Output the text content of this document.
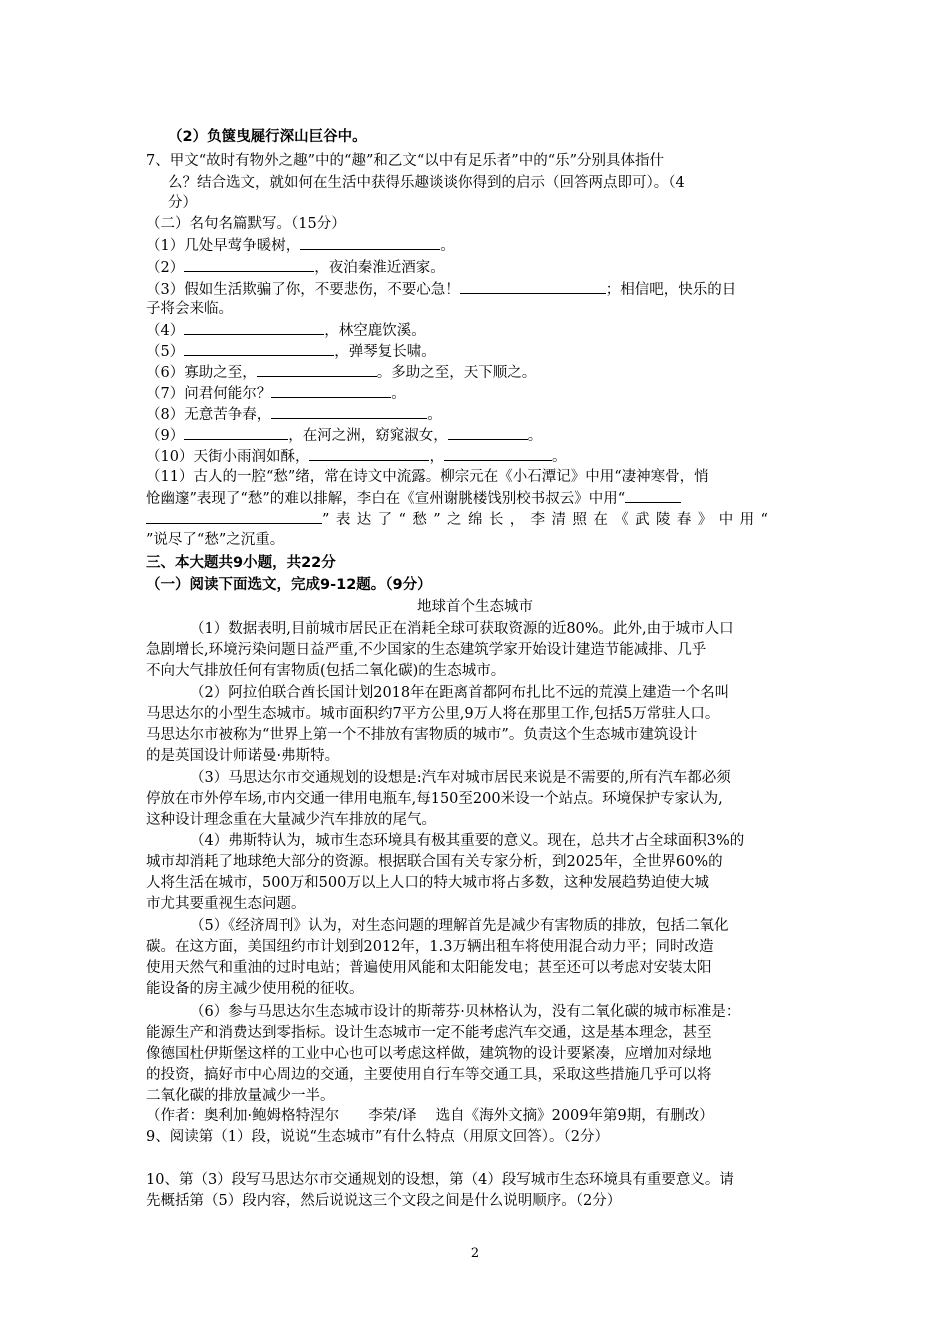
（2）负箧曳屣行深山巨谷中。
7、甲文“故时有物外之趣”中的“趣”和乙文“以中有足乐者”中的“乐”分别具体指什
么？结合选文，就如何在生活中获得乐趣谈谈你得到的启示（回答两点即可）。（4
分）
（二）名句名篇默写。（15分）
（1）几处早莺争暖树，	。
（2）	，夜泊秦淮近酒家。
（3）假如生活欺骗了你，不要悲伤，不要心急！	；相信吧，快乐的日
子将会来临。
（4）	，林空鹿饮溪。
（5）	，弹琴复长啸。
（6）寡助之至，	。多助之至，天下顺之。
（7）问君何能尔？	。
（8）无意苦争春，	。
（9）	，在河之洲，窈窕淑女，	。
（10）天街小雨润如酥，	，	。
（11）古人的一腔“愁”绪，常在诗文中流露。柳宗元在《小石潭记》中用“凄神寒骨，悄
怆幽邃”表现了“愁”的难以排解，李白在《宣州谢朓楼饯别校书叔云》中用“
”表达了“愁”之绵长，李清照在《武陵春》中用“
”说尽了“愁”之沉重。
三、本大题共9小题，共22分
（一）阅读下面选文，完成9-12题。（9分）
地球首个生态城市
（1）数据表明,目前城市居民正在消耗全球可获取资源的近80%。此外,由于城市人口
急剧增长,环境污染问题日益严重,不少国家的生态建筑学家开始设计建造节能减排、几乎
不向大气排放任何有害物质(包括二氧化碳)的生态城市。
（2）阿拉伯联合酋长国计划2018年在距离首都阿布扎比不远的荒漠上建造一个名叫
马思达尔的小型生态城市。城市面积约7平方公里,9万人将在那里工作,包括5万常驻人口。
马思达尔市被称为“世界上第一个不排放有害物质的城市”。负责这个生态城市建筑设计
的是英国设计师诺曼·弗斯特。
（3）马思达尔市交通规划的设想是:汽车对城市居民来说是不需要的,所有汽车都必须
停放在市外停车场,市内交通一律用电瓶车,每150至200米设一个站点。环境保护专家认为,
这种设计理念重在大量减少汽车排放的尾气。
（4）弗斯特认为，城市生态环境具有极其重要的意义。现在，总共才占全球面积3%的
城市却消耗了地球绝大部分的资源。根据联合国有关专家分析，到2025年，全世界60%的
人将生活在城市，500万和500万以上人口的特大城市将占多数，这种发展趋势迫使大城
市尤其要重视生态问题。
（5）《经济周刊》认为，对生态问题的理解首先是减少有害物质的排放，包括二氧化
碳。在这方面，美国纽约市计划到2012年，1.3万辆出租车将使用混合动力平；同时改造
使用天然气和重油的过时电站；普遍使用风能和太阳能发电；甚至还可以考虑对安装太阳
能设备的房主减少使用税的征收。
（6）参与马思达尔生态城市设计的斯蒂芬·贝林格认为，没有二氧化碳的城市标准是：
能源生产和消费达到零指标。设计生态城市一定不能考虑汽车交通，这是基本理念，甚至
像德国杜伊斯堡这样的工业中心也可以考虑这样做，建筑物的设计要紧凑，应增加对绿地
的投资，搞好市中心周边的交通，主要使用自行车等交通工具，采取这些措施几乎可以将
二氧化碳的排放量减少一半。
（作者：奥利加·鲍姆格特涅尔　　李荣/译　 选自《海外文摘》2009年第9期，有删改）
9、阅读第（1）段，说说“生态城市”有什么特点（用原文回答）。（2分）
10、第（3）段写马思达尔市交通规划的设想，第（4）段写城市生态环境具有重要意义。请
先概括第（5）段内容，然后说说这三个文段之间是什么说明顺序。（2分）
2
